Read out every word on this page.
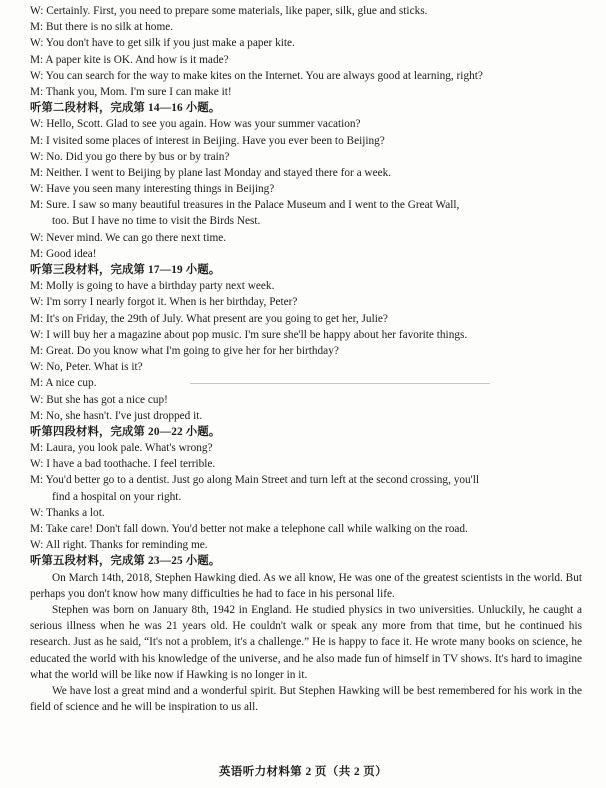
W: Certainly. First, you need to prepare some materials, like paper, silk, glue and sticks.
M: But there is no silk at home.
W: You don't have to get silk if you just make a paper kite.
M: A paper kite is OK. And how is it made?
W: You can search for the way to make kites on the Internet. You are always good at learning, right?
M: Thank you, Mom. I'm sure I can make it!
听第二段材料，完成第 14—16 小题。
W: Hello, Scott. Glad to see you again. How was your summer vacation?
M: I visited some places of interest in Beijing. Have you ever been to Beijing?
W: No. Did you go there by bus or by train?
M: Neither. I went to Beijing by plane last Monday and stayed there for a week.
W: Have you seen many interesting things in Beijing?
M: Sure. I saw so many beautiful treasures in the Palace Museum and I went to the Great Wall,
too. But I have no time to visit the Birds Nest.
W: Never mind. We can go there next time.
M: Good idea!
听第三段材料，完成第 17—19 小题。
M: Molly is going to have a birthday party next week.
W: I'm sorry I nearly forgot it. When is her birthday, Peter?
M: It's on Friday, the 29th of July. What present are you going to get her, Julie?
W: I will buy her a magazine about pop music. I'm sure she'll be happy about her favorite things.
M: Great. Do you know what I'm going to give her for her birthday?
W: No, Peter. What is it?
M: A nice cup.
W: But she has got a nice cup!
M: No, she hasn't. I've just dropped it.
听第四段材料，完成第 20—22 小题。
M: Laura, you look pale. What's wrong?
W: I have a bad toothache. I feel terrible.
M: You'd better go to a dentist. Just go along Main Street and turn left at the second crossing, you'll
find a hospital on your right.
W: Thanks a lot.
M: Take care! Don't fall down. You'd better not make a telephone call while walking on the road.
W: All right. Thanks for reminding me.
听第五段材料，完成第 23—25 小题。

On March 14th, 2018, Stephen Hawking died. As we all know, He was one of the greatest scientists in the world. But perhaps you don't know how many difficulties he had to face in his personal life.

Stephen was born on January 8th, 1942 in England. He studied physics in two universities. Unluckily, he caught a serious illness when he was 21 years old. He couldn't walk or speak any more from that time, but he continued his research. Just as he said, “It's not a problem, it's a challenge.” He is happy to face it. He wrote many books on science, he educated the world with his knowledge of the universe, and he also made fun of himself in TV shows. It's hard to imagine what the world will be like now if Hawking is no longer in it.

We have lost a great mind and a wonderful spirit. But Stephen Hawking will be best remembered for his work in the field of science and he will be inspiration to us all.

英语听力材料第 2 页（共 2 页）
